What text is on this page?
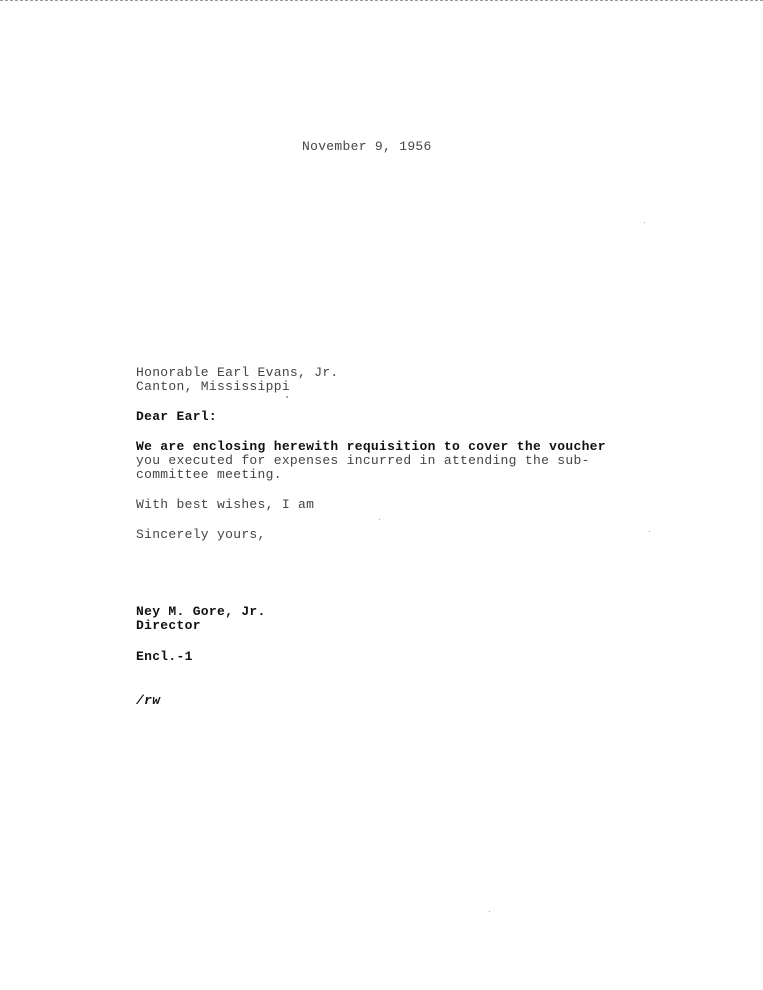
November 9, 1956
Honorable Earl Evans, Jr.
Canton, Mississippi
Dear Earl:
We are enclosing herewith requisition to cover the voucher
you executed for expenses incurred in attending the sub-
committee meeting.
With best wishes, I am
Sincerely yours,
Ney M. Gore, Jr.
Director
Encl.-1
/rw
